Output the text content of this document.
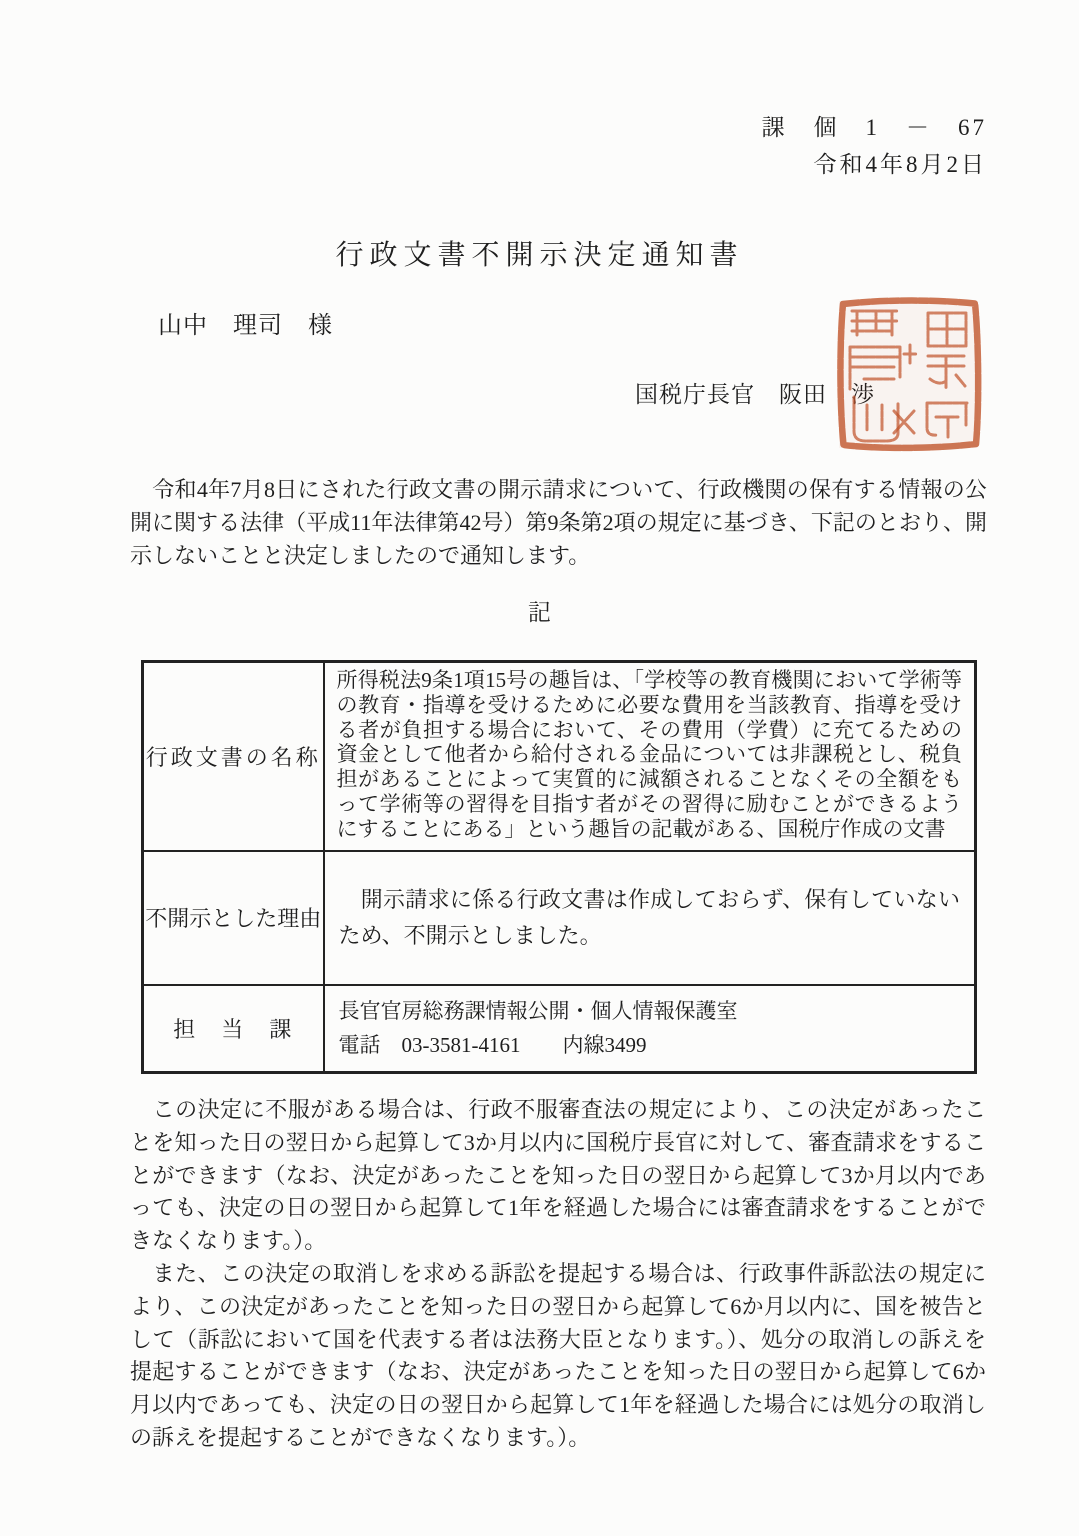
課　個　1　－　67
令和4年8月2日
行政文書不開示決定通知書
山中　理司　様
国税庁長官　阪田　渉

　令和4年7月8日にされた行政文書の開示請求について、行政機関の保有する情報の公開に関する法律（平成11年法律第42号）第9条第2項の規定に基づき、下記のとおり、開示しないことと決定しましたので通知します。

記
行政文書の名称	所得税法9条1項15号の趣旨は、「学校等の教育機関において学術等の教育・指導を受けるために必要な費用を当該教育、指導を受ける者が負担する場合において、その費用（学費）に充てるための資金として他者から給付される金品については非課税とし、税負担があることによって実質的に減額されることなくその全額をもって学術等の習得を目指す者がその習得に励むことができるようにすることにある」という趣旨の記載がある、国税庁作成の文書
不開示とした理由	　開示請求に係る行政文書は作成しておらず、保有していないため、不開示としました。
担　当　課	長官官房総務課情報公開・個人情報保護室
電話　03-3581-4161　　内線3499

　この決定に不服がある場合は、行政不服審査法の規定により、この決定があったことを知った日の翌日から起算して3か月以内に国税庁長官に対して、審査請求をすることができます（なお、決定があったことを知った日の翌日から起算して3か月以内であっても、決定の日の翌日から起算して1年を経過した場合には審査請求をすることができなくなります。）。

　また、この決定の取消しを求める訴訟を提起する場合は、行政事件訴訟法の規定により、この決定があったことを知った日の翌日から起算して6か月以内に、国を被告として（訴訟において国を代表する者は法務大臣となります。）、処分の取消しの訴えを提起することができます（なお、決定があったことを知った日の翌日から起算して6か月以内であっても、決定の日の翌日から起算して1年を経過した場合には処分の取消しの訴えを提起することができなくなります。）。
